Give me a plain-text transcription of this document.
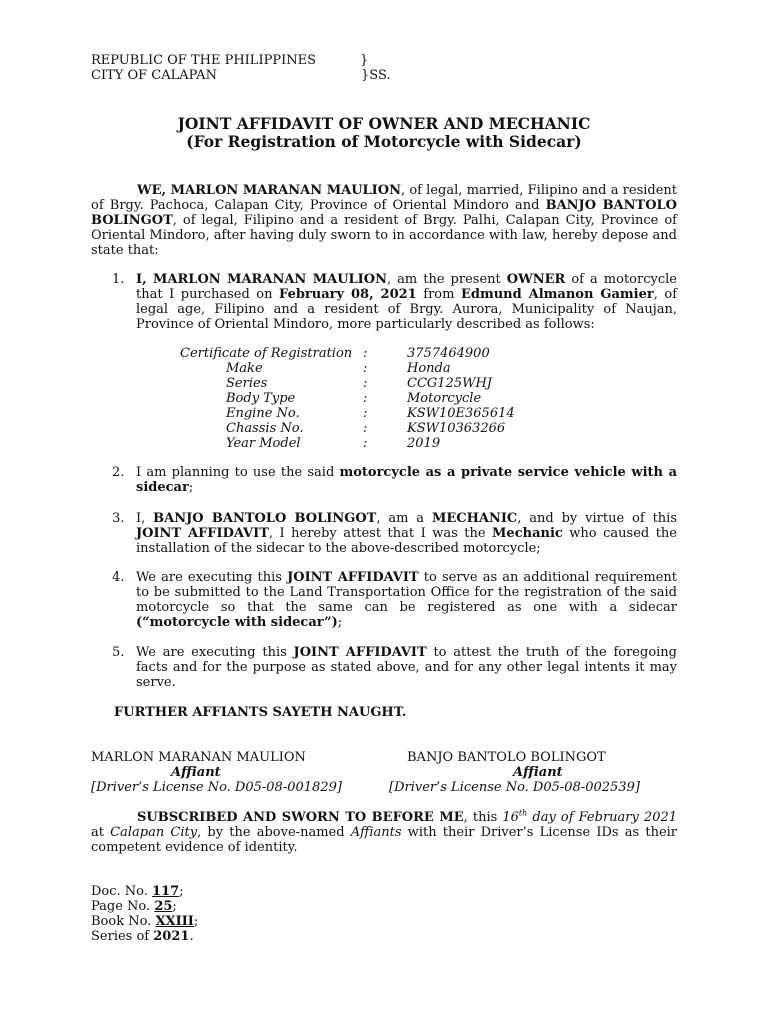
REPUBLIC OF THE PHILIPPINES	}
CITY OF CALAPAN	}SS.
JOINT AFFIDAVIT OF OWNER AND MECHANIC
(For Registration of Motorcycle with Sidecar)
WE, MARLON MARANAN MAULION, of legal, married, Filipino and a resident of Brgy. Pachoca, Calapan City, Province of Oriental Mindoro and BANJO BANTOLO BOLINGOT, of legal, Filipino and a resident of Brgy. Palhi, Calapan City, Province of Oriental Mindoro, after having duly sworn to in accordance with law, hereby depose and state that:
1. I, MARLON MARANAN MAULION, am the present OWNER of a motorcycle that I purchased on February 08, 2021 from Edmund Almanon Gamier, of legal age, Filipino and a resident of Brgy. Aurora, Municipality of Naujan, Province of Oriental Mindoro, more particularly described as follows:
Certificate of Registration :	3757464900
Make	:	Honda
Series	:	CCG125WHJ
Body Type	:	Motorcycle
Engine No.	:	KSW10E365614
Chassis No.	:	KSW10363266
Year Model	:	2019
2. I am planning to use the said motorcycle as a private service vehicle with a sidecar;
3. I, BANJO BANTOLO BOLINGOT, am a MECHANIC, and by virtue of this JOINT AFFIDAVIT, I hereby attest that I was the Mechanic who caused the installation of the sidecar to the above-described motorcycle;
4. We are executing this JOINT AFFIDAVIT to serve as an additional requirement to be submitted to the Land Transportation Office for the registration of the said motorcycle so that the same can be registered as one with a sidecar (“motorcycle with sidecar”);
5. We are executing this JOINT AFFIDAVIT to attest the truth of the foregoing facts and for the purpose as stated above, and for any other legal intents it may serve.
FURTHER AFFIANTS SAYETH NAUGHT.
MARLON MARANAN MAULION
Affiant
[Driver’s License No. D05-08-001829]
BANJO BANTOLO BOLINGOT
Affiant
[Driver’s License No. D05-08-002539]
SUBSCRIBED AND SWORN TO BEFORE ME, this 16th day of February 2021 at Calapan City, by the above-named Affiants with their Driver’s License IDs as their competent evidence of identity.
Doc. No. 117;
Page No. 25;
Book No. XXIII;
Series of 2021.
